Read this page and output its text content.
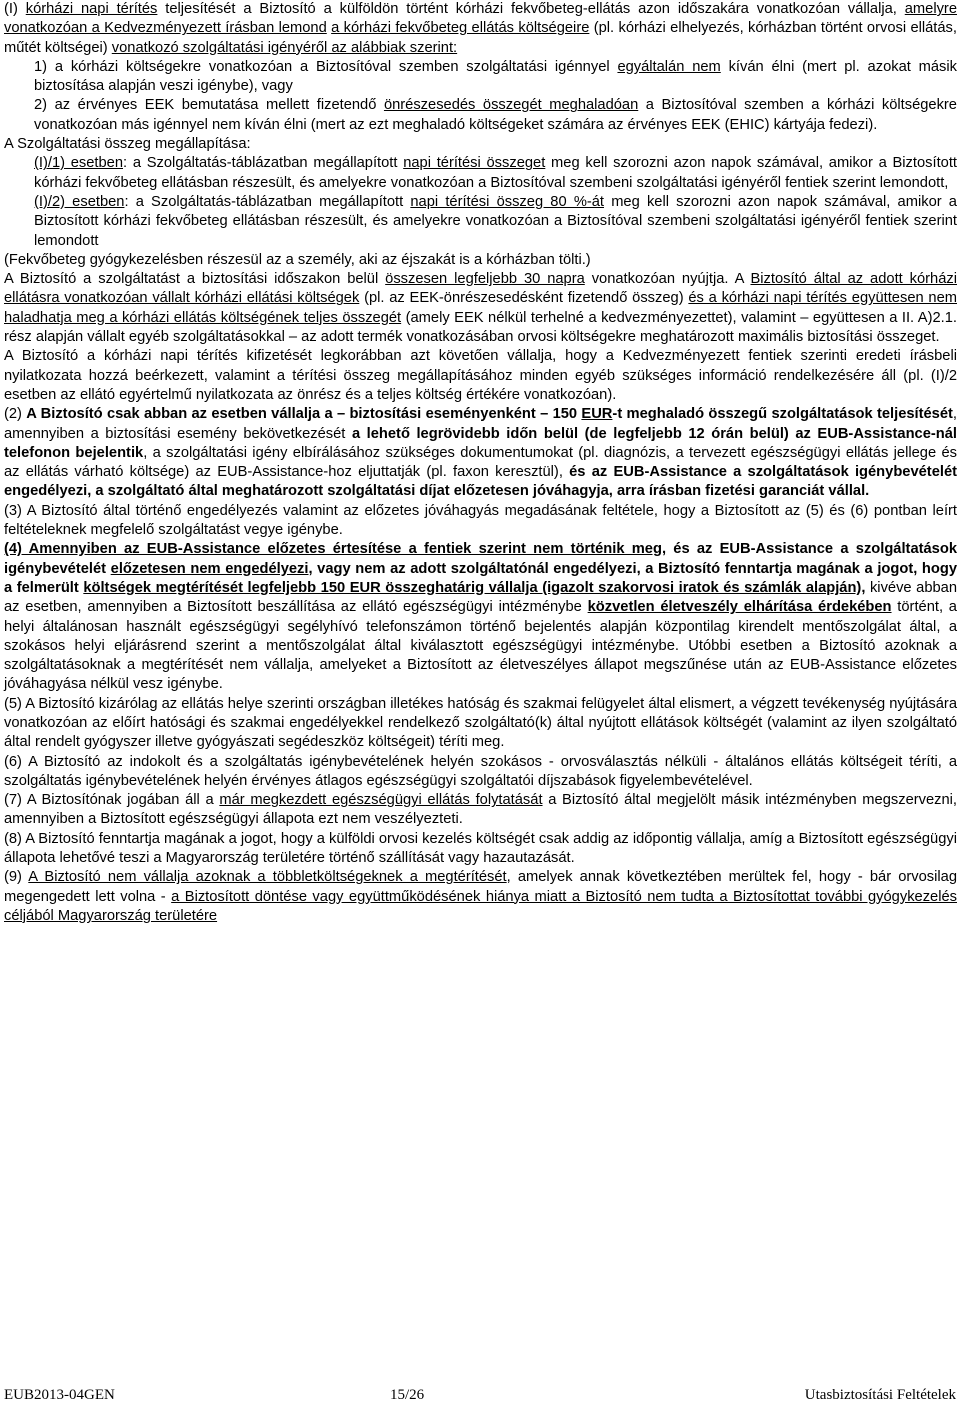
(I) kórházi napi térítés teljesítését a Biztosító a külföldön történt kórházi fekvőbeteg-ellátás azon időszakára vonatkozóan vállalja, amelyre vonatkozóan a Kedvezményezett írásban lemond a kórházi fekvőbeteg ellátás költségeire (pl. kórházi elhelyezés, kórházban történt orvosi ellátás, műtét költségei) vonatkozó szolgáltatási igényéről az alábbiak szerint:

1) a kórházi költségekre vonatkozóan a Biztosítóval szemben szolgáltatási igénnyel egyáltalán nem kíván élni (mert pl. azokat másik biztosítása alapján veszi igénybe), vagy

2) az érvényes EEK bemutatása mellett fizetendő önrészesedés összegét meghaladóan a Biztosítóval szemben a kórházi költségekre vonatkozóan más igénnyel nem kíván élni (mert az ezt meghaladó költségeket számára az érvényes EEK (EHIC) kártyája fedezi).

A Szolgáltatási összeg megállapítása:

(I)/1) esetben: a Szolgáltatás-táblázatban megállapított napi térítési összeget meg kell szorozni azon napok számával, amikor a Biztosított kórházi fekvőbeteg ellátásban részesült, és amelyekre vonatkozóan a Biztosítóval szembeni szolgáltatási igényéről fentiek szerint lemondott,

(I)/2) esetben: a Szolgáltatás-táblázatban megállapított napi térítési összeg 80 %-át meg kell szorozni azon napok számával, amikor a Biztosított kórházi fekvőbeteg ellátásban részesült, és amelyekre vonatkozóan a Biztosítóval szembeni szolgáltatási igényéről fentiek szerint lemondott

(Fekvőbeteg gyógykezelésben részesül az a személy, aki az éjszakát is a kórházban tölti.)

A Biztosító a szolgáltatást a biztosítási időszakon belül összesen legfeljebb 30 napra vonatkozóan nyújtja. A Biztosító által az adott kórházi ellátásra vonatkozóan vállalt kórházi ellátási költségek (pl. az EEK-önrészesedésként fizetendő összeg) és a kórházi napi térítés együttesen nem haladhatja meg a kórházi ellátás költségének teljes összegét (amely EEK nélkül terhelné a kedvezményezettet), valamint – együttesen a II. A)2.1. rész alapján vállalt egyéb szolgáltatásokkal – az adott termék vonatkozásában orvosi költségekre meghatározott maximális biztosítási összeget.

A Biztosító a kórházi napi térítés kifizetését legkorábban azt követően vállalja, hogy a Kedvezményezett fentiek szerinti eredeti írásbeli nyilatkozata hozzá beérkezett, valamint a térítési összeg megállapításához minden egyéb szükséges információ rendelkezésére áll (pl. (I)/2 esetben az ellátó egyértelmű nyilatkozata az önrész és a teljes költség értékére vonatkozóan).

(2) A Biztosító csak abban az esetben vállalja a – biztosítási eseményenként – 150 EUR-t meghaladó összegű szolgáltatások teljesítését, amennyiben a biztosítási esemény bekövetkezését a lehető legrövidebb időn belül (de legfeljebb 12 órán belül) az EUB-Assistance-nál telefonon bejelentik, a szolgáltatási igény elbírálásához szükséges dokumentumokat (pl. diagnózis, a tervezett egészségügyi ellátás jellege és az ellátás várható költsége) az EUB-Assistance-hoz eljuttatják (pl. faxon keresztül), és az EUB-Assistance a szolgáltatások igénybevételét engedélyezi, a szolgáltató által meghatározott szolgáltatási díjat előzetesen jóváhagyja, arra írásban fizetési garanciát vállal.

(3) A Biztosító által történő engedélyezés valamint az előzetes jóváhagyás megadásának feltétele, hogy a Biztosított az (5) és (6) pontban leírt feltételeknek megfelelő szolgáltatást vegye igénybe.

(4) Amennyiben az EUB-Assistance előzetes értesítése a fentiek szerint nem történik meg, és az EUB-Assistance a szolgáltatások igénybevételét előzetesen nem engedélyezi, vagy nem az adott szolgáltatónál engedélyezi, a Biztosító fenntartja magának a jogot, hogy a felmerült költségek megtérítését legfeljebb 150 EUR összeghatárig vállalja (igazolt szakorvosi iratok és számlák alapján), kivéve abban az esetben, amennyiben a Biztosított beszállítása az ellátó egészségügyi intézménybe közvetlen életveszély elhárítása érdekében történt, a helyi általánosan használt egészségügyi segélyhívó telefonszámon történő bejelentés alapján központilag kirendelt mentőszolgálat által, a szokásos helyi eljárásrend szerint a mentőszolgálat által kiválasztott egészségügyi intézménybe. Utóbbi esetben a Biztosító azoknak a szolgáltatásoknak a megtérítését nem vállalja, amelyeket a Biztosított az életveszélyes állapot megszűnése után az EUB-Assistance előzetes jóváhagyása nélkül vesz igénybe.

(5) A Biztosító kizárólag az ellátás helye szerinti országban illetékes hatóság és szakmai felügyelet által elismert, a végzett tevékenység nyújtására vonatkozóan az előírt hatósági és szakmai engedélyekkel rendelkező szolgáltató(k) által nyújtott ellátások költségét (valamint az ilyen szolgáltató által rendelt gyógyszer illetve gyógyászati segédeszköz költségeit) téríti meg.

(6) A Biztosító az indokolt és a szolgáltatás igénybevételének helyén szokásos - orvosválasztás nélküli - általános ellátás költségeit téríti, a szolgáltatás igénybevételének helyén érvényes átlagos egészségügyi szolgáltatói díjszabások figyelembevételével.

(7) A Biztosítónak jogában áll a már megkezdett egészségügyi ellátás folytatását a Biztosító által megjelölt másik intézményben megszervezni, amennyiben a Biztosított egészségügyi állapota ezt nem veszélyezteti.

(8) A Biztosító fenntartja magának a jogot, hogy a külföldi orvosi kezelés költségét csak addig az időpontig vállalja, amíg a Biztosított egészségügyi állapota lehetővé teszi a Magyarország területére történő szállítását vagy hazautazását.

(9) A Biztosító nem vállalja azoknak a többletköltségeknek a megtérítését, amelyek annak következtében merültek fel, hogy - bár orvosilag megengedett lett volna - a Biztosított döntése vagy együttműködésének hiánya miatt a Biztosító nem tudta a Biztosítottat további gyógykezelés céljából Magyarország területére

EUB2013-04GEN	15/26	Utasbiztosítási Feltételek
